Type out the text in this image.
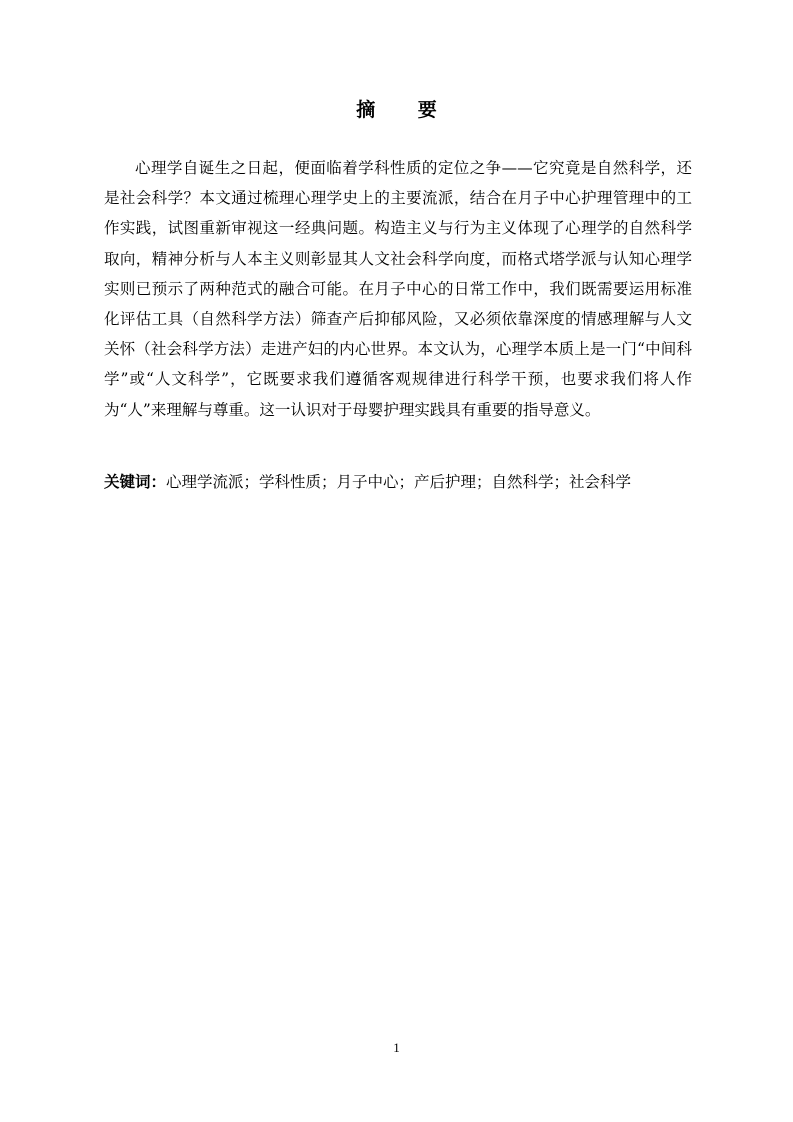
摘 要

心理学自诞生之日起，便面临着学科性质的定位之争——它究竟是自然科学，还是社会科学？本文通过梳理心理学史上的主要流派，结合在月子中心护理管理中的工作实践，试图重新审视这一经典问题。构造主义与行为主义体现了心理学的自然科学取向，精神分析与人本主义则彰显其人文社会科学向度，而格式塔学派与认知心理学实则已预示了两种范式的融合可能。在月子中心的日常工作中，我们既需要运用标准化评估工具（自然科学方法）筛查产后抑郁风险，又必须依靠深度的情感理解与人文关怀（社会科学方法）走进产妇的内心世界。本文认为，心理学本质上是一门“中间科学”或“人文科学”，它既要求我们遵循客观规律进行科学干预，也要求我们将人作为“人”来理解与尊重。这一认识对于母婴护理实践具有重要的指导意义。

关键词：心理学流派；学科性质；月子中心；产后护理；自然科学；社会科学

1
